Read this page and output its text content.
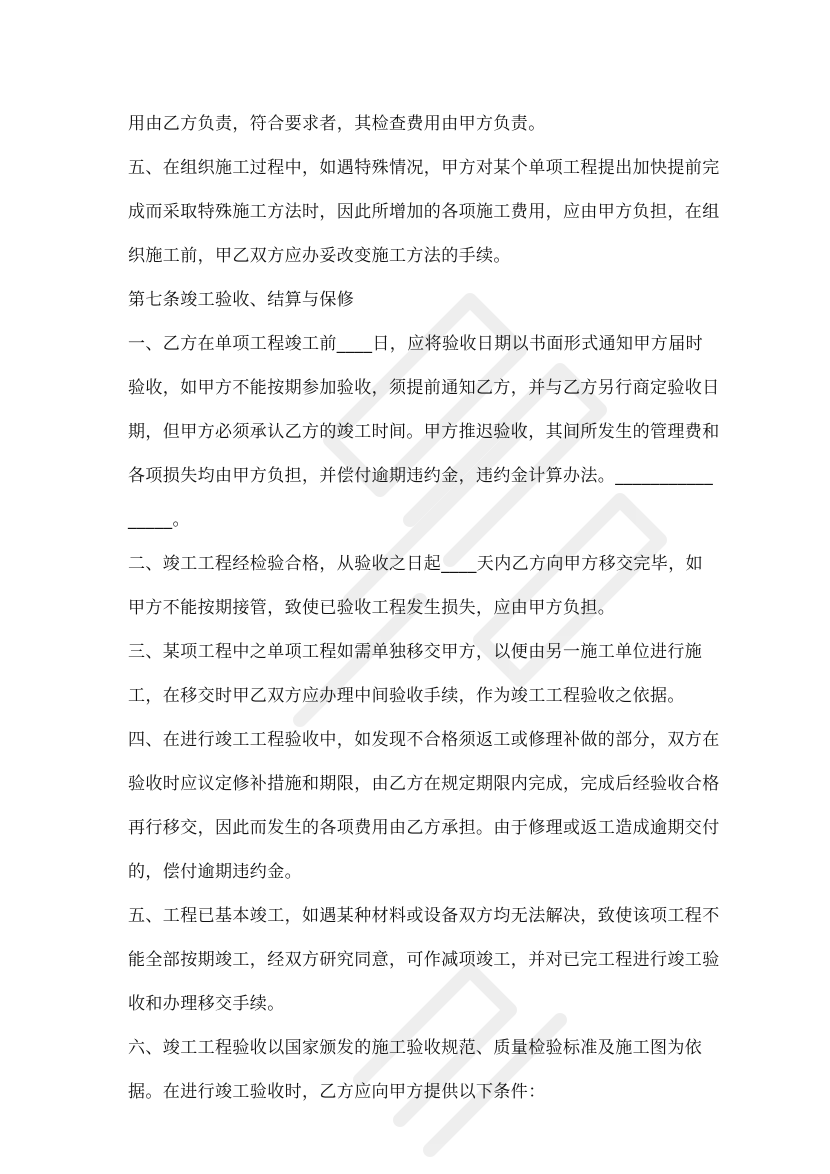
用由乙方负责，符合要求者，其检查费用由甲方负责。

五、在组织施工过程中，如遇特殊情况，甲方对某个单项工程提出加快提前完成而采取特殊施工方法时，因此所增加的各项施工费用，应由甲方负担，在组织施工前，甲乙双方应办妥改变施工方法的手续。

第七条竣工验收、结算与保修

一、乙方在单项工程竣工前____日，应将验收日期以书面形式通知甲方届时验收，如甲方不能按期参加验收，须提前通知乙方，并与乙方另行商定验收日期，但甲方必须承认乙方的竣工时间。甲方推迟验收，其间所发生的管理费和各项损失均由甲方负担，并偿付逾期违约金，违约金计算办法。________________。

二、竣工工程经检验合格，从验收之日起____天内乙方向甲方移交完毕，如甲方不能按期接管，致使已验收工程发生损失，应由甲方负担。

三、某项工程中之单项工程如需单独移交甲方，以便由另一施工单位进行施工，在移交时甲乙双方应办理中间验收手续，作为竣工工程验收之依据。

四、在进行竣工工程验收中，如发现不合格须返工或修理补做的部分，双方在验收时应议定修补措施和期限，由乙方在规定期限内完成，完成后经验收合格再行移交，因此而发生的各项费用由乙方承担。由于修理或返工造成逾期交付的，偿付逾期违约金。

五、工程已基本竣工，如遇某种材料或设备双方均无法解决，致使该项工程不能全部按期竣工，经双方研究同意，可作减项竣工，并对已完工程进行竣工验收和办理移交手续。

六、竣工工程验收以国家颁发的施工验收规范、质量检验标准及施工图为依据。在进行竣工验收时，乙方应向甲方提供以下条件：
